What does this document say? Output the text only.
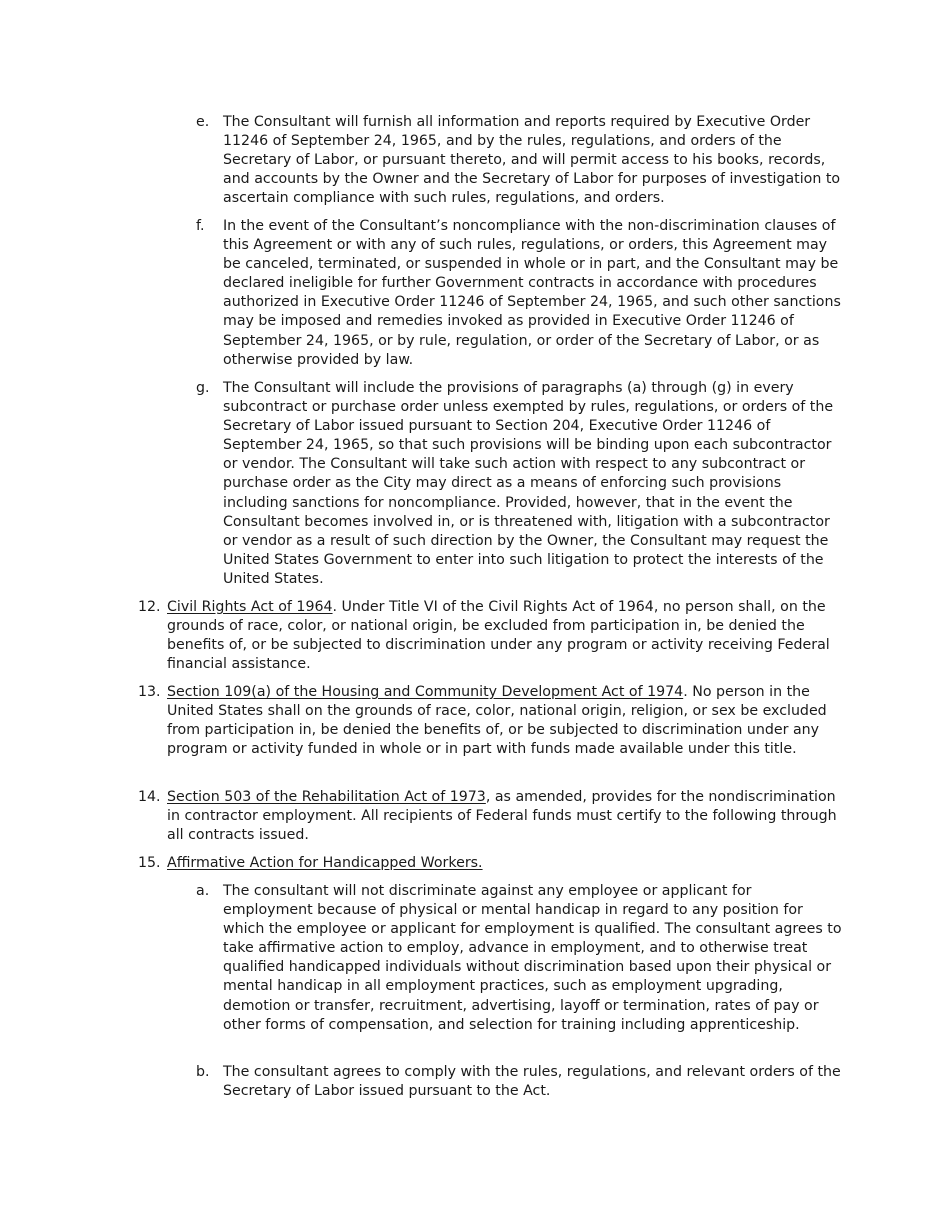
e. The Consultant will furnish all information and reports required by Executive Order 11246 of September 24, 1965, and by the rules, regulations, and orders of the Secretary of Labor, or pursuant thereto, and will permit access to his books, records, and accounts by the Owner and the Secretary of Labor for purposes of investigation to ascertain compliance with such rules, regulations, and orders.

f. In the event of the Consultant’s noncompliance with the non-discrimination clauses of this Agreement or with any of such rules, regulations, or orders, this Agreement may be canceled, terminated, or suspended in whole or in part, and the Consultant may be declared ineligible for further Government contracts in accordance with procedures authorized in Executive Order 11246 of September 24, 1965, and such other sanctions may be imposed and remedies invoked as provided in Executive Order 11246 of September 24, 1965, or by rule, regulation, or order of the Secretary of Labor, or as otherwise provided by law.

g. The Consultant will include the provisions of paragraphs (a) through (g) in every subcontract or purchase order unless exempted by rules, regulations, or orders of the Secretary of Labor issued pursuant to Section 204, Executive Order 11246 of September 24, 1965, so that such provisions will be binding upon each subcontractor or vendor. The Consultant will take such action with respect to any subcontract or purchase order as the City may direct as a means of enforcing such provisions including sanctions for noncompliance. Provided, however, that in the event the Consultant becomes involved in, or is threatened with, litigation with a subcontractor or vendor as a result of such direction by the Owner, the Consultant may request the United States Government to enter into such litigation to protect the interests of the United States.

12. Civil Rights Act of 1964. Under Title VI of the Civil Rights Act of 1964, no person shall, on the grounds of race, color, or national origin, be excluded from participation in, be denied the benefits of, or be subjected to discrimination under any program or activity receiving Federal financial assistance.

13. Section 109(a) of the Housing and Community Development Act of 1974. No person in the United States shall on the grounds of race, color, national origin, religion, or sex be excluded from participation in, be denied the benefits of, or be subjected to discrimination under any program or activity funded in whole or in part with funds made available under this title.

14. Section 503 of the Rehabilitation Act of 1973, as amended, provides for the nondiscrimination in contractor employment. All recipients of Federal funds must certify to the following through all contracts issued.

15. Affirmative Action for Handicapped Workers.

a. The consultant will not discriminate against any employee or applicant for employment because of physical or mental handicap in regard to any position for which the employee or applicant for employment is qualified. The consultant agrees to take affirmative action to employ, advance in employment, and to otherwise treat qualified handicapped individuals without discrimination based upon their physical or mental handicap in all employment practices, such as employment upgrading, demotion or transfer, recruitment, advertising, layoff or termination, rates of pay or other forms of compensation, and selection for training including apprenticeship.

b. The consultant agrees to comply with the rules, regulations, and relevant orders of the Secretary of Labor issued pursuant to the Act.
